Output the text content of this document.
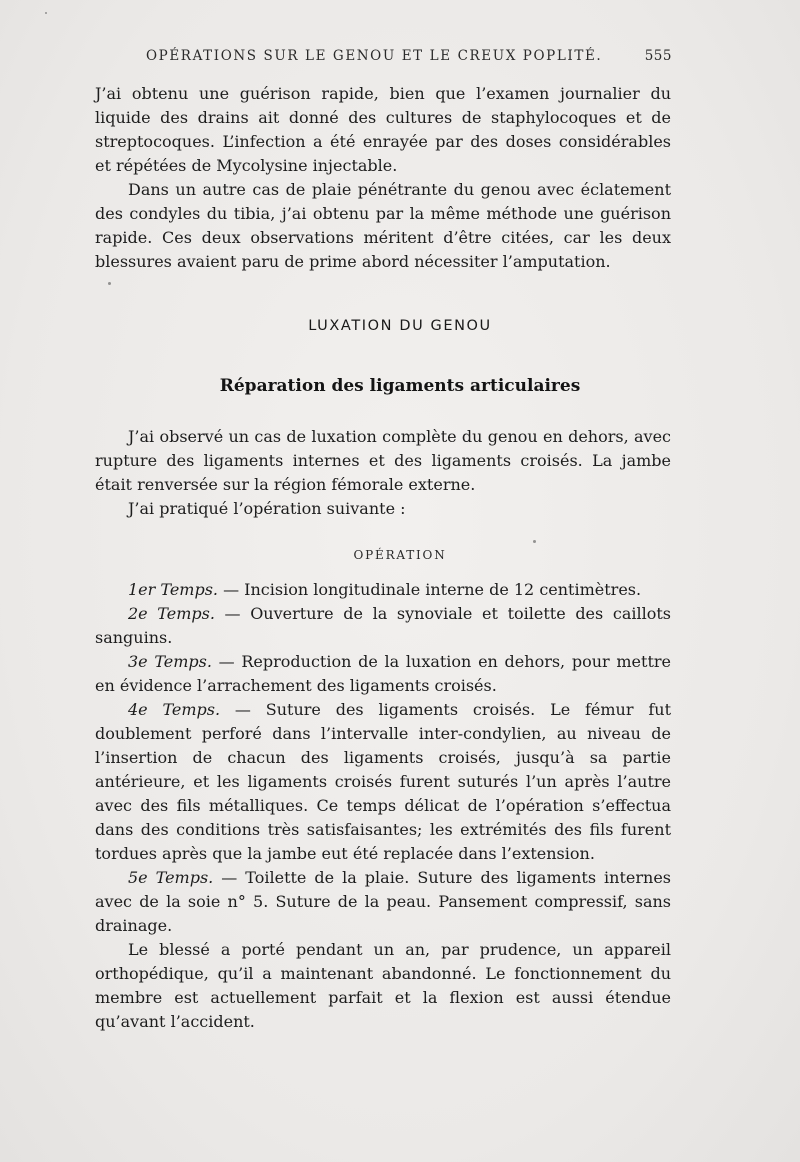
OPÉRATIONS SUR LE GENOU ET LE CREUX POPLITÉ.	555

J’ai obtenu une guérison rapide, bien que l’examen journalier du liquide des drains ait donné des cultures de staphylocoques et de streptocoques. L’infection a été enrayée par des doses considérables et répétées de Mycolysine injectable.

Dans un autre cas de plaie pénétrante du genou avec éclatement des condyles du tibia, j’ai obtenu par la même méthode une guérison rapide. Ces deux observations méritent d’être citées, car les deux blessures avaient paru de prime abord nécessiter l’amputation.

LUXATION DU GENOU
Réparation des ligaments articulaires

J’ai observé un cas de luxation complète du genou en dehors, avec rupture des ligaments internes et des ligaments croisés. La jambe était renversée sur la région fémorale externe.

J’ai pratiqué l’opération suivante :

OPÉRATION

1er Temps. — Incision longitudinale interne de 12 centimètres.

2e Temps. — Ouverture de la synoviale et toilette des caillots sanguins.

3e Temps. — Reproduction de la luxation en dehors, pour mettre en évidence l’arrachement des ligaments croisés.

4e Temps. — Suture des ligaments croisés. Le fémur fut doublement perforé dans l’intervalle inter-condylien, au niveau de l’insertion de chacun des ligaments croisés, jusqu’à sa partie antérieure, et les ligaments croisés furent suturés l’un après l’autre avec des fils métalliques. Ce temps délicat de l’opération s’effectua dans des conditions très satisfaisantes; les extrémités des fils furent tordues après que la jambe eut été replacée dans l’extension.

5e Temps. — Toilette de la plaie. Suture des ligaments internes avec de la soie n° 5. Suture de la peau. Pansement compressif, sans drainage.

Le blessé a porté pendant un an, par prudence, un appareil orthopédique, qu’il a maintenant abandonné. Le fonctionnement du membre est actuellement parfait et la flexion est aussi étendue qu’avant l’accident.
